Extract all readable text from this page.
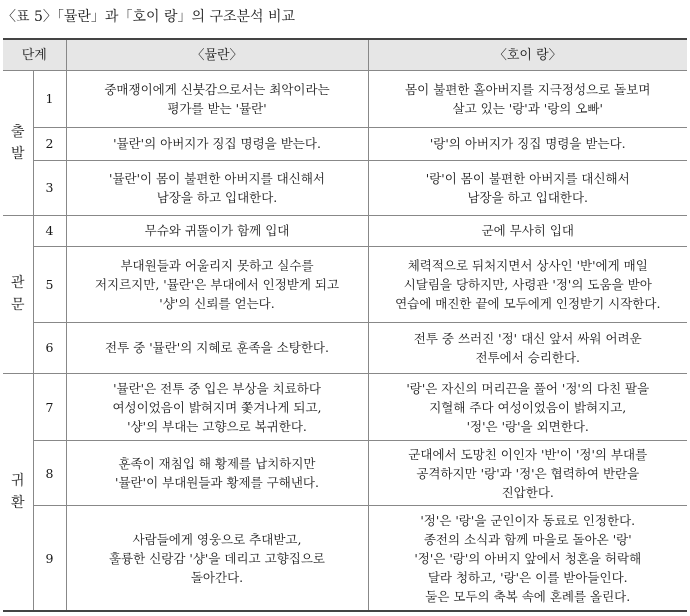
〈표 5〉「뮬란」과「호이 랑」의 구조분석 비교
단계		〈뮬란〉	〈호이 랑〉

출
발	1	중매쟁이에게 신붓감으로서는 최악이라는
평가를 받는 '뮬란'	몸이 불편한 홀아버지를 지극정성으로 돌보며
살고 있는 '랑'과 '랑의 오빠'

	2	'뮬란'의 아버지가 징집 명령을 받는다.	'랑'의 아버지가 징집 명령을 받는다.

	3	'뮬란'이 몸이 불편한 아버지를 대신해서
남장을 하고 입대한다.	'랑'이 몸이 불편한 아버지를 대신해서
남장을 하고 입대한다.

관
문	4	무슈와 귀뚤이가 함께 입대	군에 무사히 입대

	5	부대원들과 어울리지 못하고 실수를
저지르지만, '뮬란'은 부대에서 인정받게 되고
'샹'의 신뢰를 얻는다.	체력적으로 뒤처지면서 상사인 '반'에게 매일
시달림을 당하지만, 사령관 '정'의 도움을 받아
연습에 매진한 끝에 모두에게 인정받기 시작한다.

	6	전투 중 '뮬란'의 지혜로 훈족을 소탕한다.	전투 중 쓰러진 '정' 대신 앞서 싸워 어려운
전투에서 승리한다.

귀
환	7	'뮬란'은 전투 중 입은 부상을 치료하다
여성이었음이 밝혀지며 쫓겨나게 되고,
'샹'의 부대는 고향으로 복귀한다.	'랑'은 자신의 머리끈을 풀어 '정'의 다친 팔을
지혈해 주다 여성이었음이 밝혀지고,
'정'은 '랑'을 외면한다.

	8	훈족이 재침입 해 황제를 납치하지만
'뮬란'이 부대원들과 황제를 구해낸다.	군대에서 도망친 이인자 '반'이 '정'의 부대를
공격하지만 '랑'과 '정'은 협력하여 반란을
진압한다.

	9	사람들에게 영웅으로 추대받고,
훌륭한 신랑감 '샹'을 데리고 고향집으로
돌아간다.	'정'은 '랑'을 군인이자 동료로 인정한다.
종전의 소식과 함께 마을로 돌아온 '랑'
'정'은 '랑'의 아버지 앞에서 청혼을 허락해
달라 청하고, '랑'은 이를 받아들인다.
둘은 모두의 축복 속에 혼례를 올린다.
